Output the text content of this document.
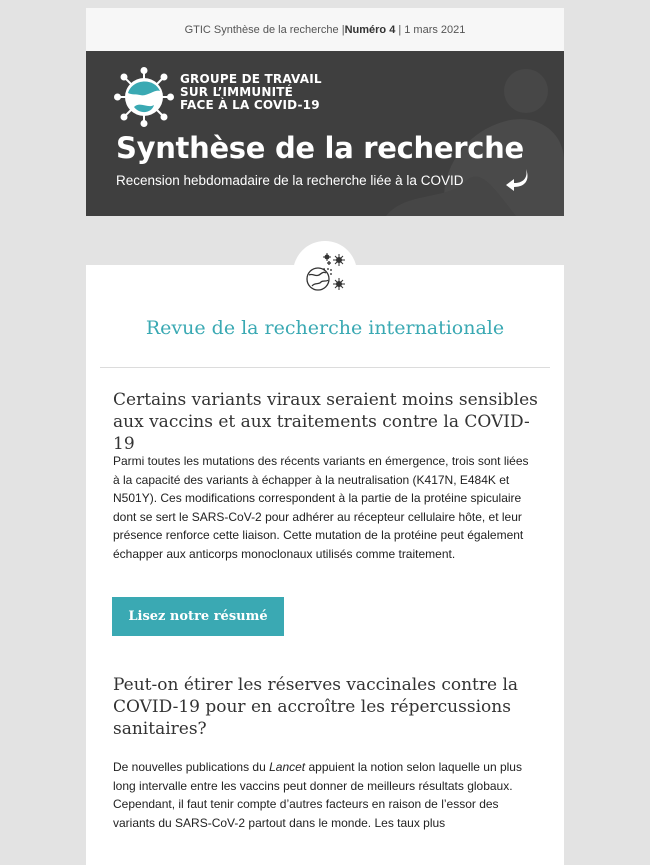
GTIC Synthèse de la recherche | Numéro 4 | 1 mars 2021
GROUPE DE TRAVAIL
SUR L’IMMUNITÉ
FACE À LA COVID-19
Synthèse de la recherche
Recension hebdomadaire de la recherche liée à la COVID
Revue de la recherche internationale
Certains variants viraux seraient moins sensibles aux vaccins et aux traitements contre la COVID-19
Parmi toutes les mutations des récents variants en émergence, trois sont liées à la capacité des variants à échapper à la neutralisation (K417N, E484K et N501Y). Ces modifications correspondent à la partie de la protéine spiculaire dont se sert le SARS-CoV-2 pour adhérer au récepteur cellulaire hôte, et leur présence renforce cette liaison. Cette mutation de la protéine peut également échapper aux anticorps monoclonaux utilisés comme traitement.
Lisez notre résumé
Peut-on étirer les réserves vaccinales contre la COVID-19 pour en accroître les répercussions sanitaires?
De nouvelles publications du Lancet appuient la notion selon laquelle un plus long intervalle entre les vaccins peut donner de meilleurs résultats globaux. Cependant, il faut tenir compte d’autres facteurs en raison de l’essor des variants du SARS-CoV-2 partout dans le monde. Les taux plus
